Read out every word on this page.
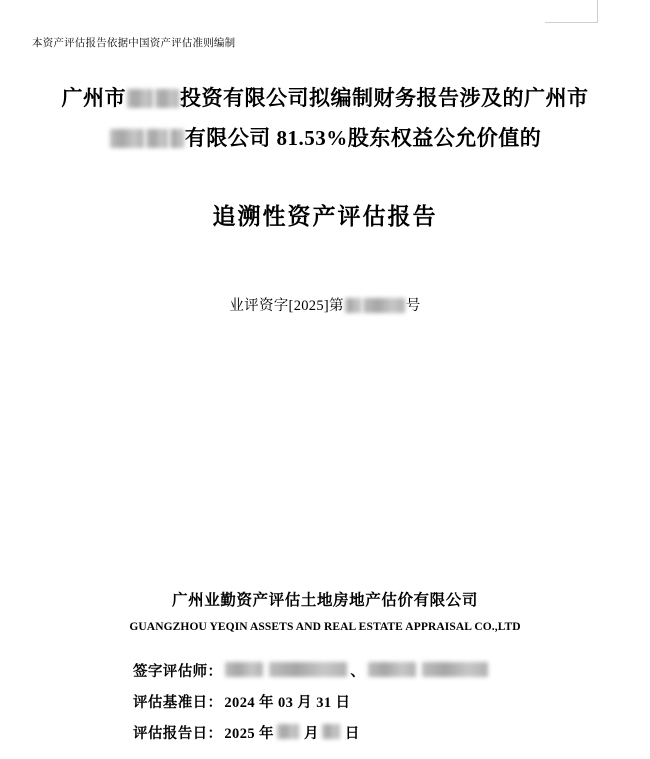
本资产评估报告依据中国资产评估准则编制
广州市	投资有限公司拟编制财务报告涉及的广州市
有限公司 81.53%股东权益公允价值的
追溯性资产评估报告
业评资字[2025]第	号
广州业勤资产评估土地房地产估价有限公司
GUANGZHOU YEQIN ASSETS AND REAL ESTATE APPRAISAL CO.,LTD
签字评估师：	、
评估基准日： 2024 年 03 月 31 日
评估报告日： 2025 年 月 日
